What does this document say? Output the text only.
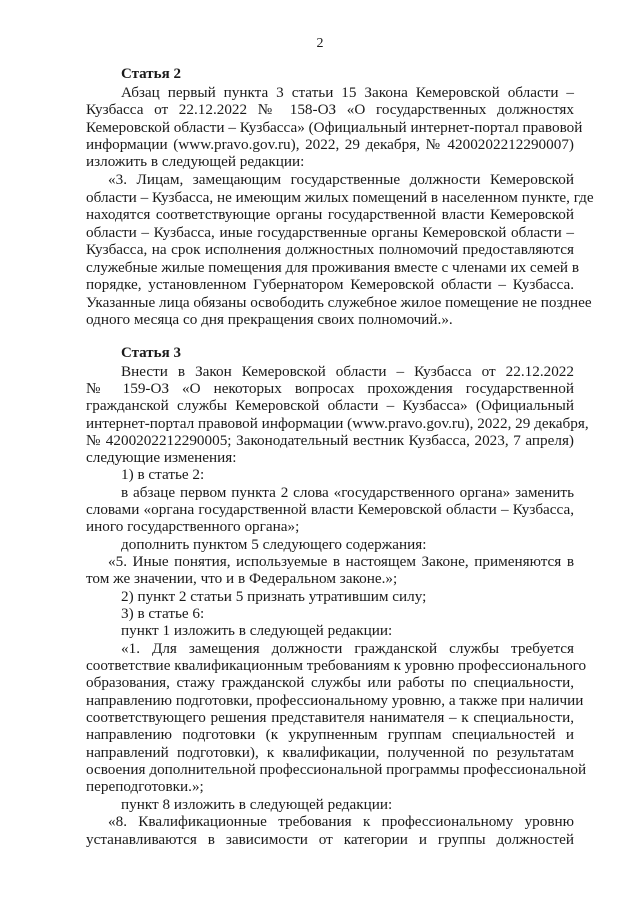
2
Статья 2
Абзац первый пункта 3 статьи 15 Закона Кемеровской области –
Кузбасса от 22.12.2022 № 158-ОЗ «О государственных должностях
Кемеровской области – Кузбасса» (Официальный интернет-портал правовой
информации (www.pravo.gov.ru), 2022, 29 декабря, № 4200202212290007)
изложить в следующей редакции:
«3. Лицам, замещающим государственные должности Кемеровской
области – Кузбасса, не имеющим жилых помещений в населенном пункте, где
находятся соответствующие органы государственной власти Кемеровской
области – Кузбасса, иные государственные органы Кемеровской области –
Кузбасса, на срок исполнения должностных полномочий предоставляются
служебные жилые помещения для проживания вместе с членами их семей в
порядке, установленном Губернатором Кемеровской области – Кузбасса.
Указанные лица обязаны освободить служебное жилое помещение не позднее
одного месяца со дня прекращения своих полномочий.».
Статья 3
Внести в Закон Кемеровской области – Кузбасса от 22.12.2022
№ 159-ОЗ «О некоторых вопросах прохождения государственной
гражданской службы Кемеровской области – Кузбасса» (Официальный
интернет-портал правовой информации (www.pravo.gov.ru), 2022, 29 декабря,
№ 4200202212290005; Законодательный вестник Кузбасса, 2023, 7 апреля)
следующие изменения:
1) в статье 2:
в абзаце первом пункта 2 слова «государственного органа» заменить
словами «органа государственной власти Кемеровской области – Кузбасса,
иного государственного органа»;
дополнить пунктом 5 следующего содержания:
«5. Иные понятия, используемые в настоящем Законе, применяются в
том же значении, что и в Федеральном законе.»;
2) пункт 2 статьи 5 признать утратившим силу;
3) в статье 6:
пункт 1 изложить в следующей редакции:
«1. Для замещения должности гражданской службы требуется
соответствие квалификационным требованиям к уровню профессионального
образования, стажу гражданской службы или работы по специальности,
направлению подготовки, профессиональному уровню, а также при наличии
соответствующего решения представителя нанимателя – к специальности,
направлению подготовки (к укрупненным группам специальностей и
направлений подготовки), к квалификации, полученной по результатам
освоения дополнительной профессиональной программы профессиональной
переподготовки.»;
пункт 8 изложить в следующей редакции:
«8. Квалификационные требования к профессиональному уровню
устанавливаются в зависимости от категории и группы должностей
